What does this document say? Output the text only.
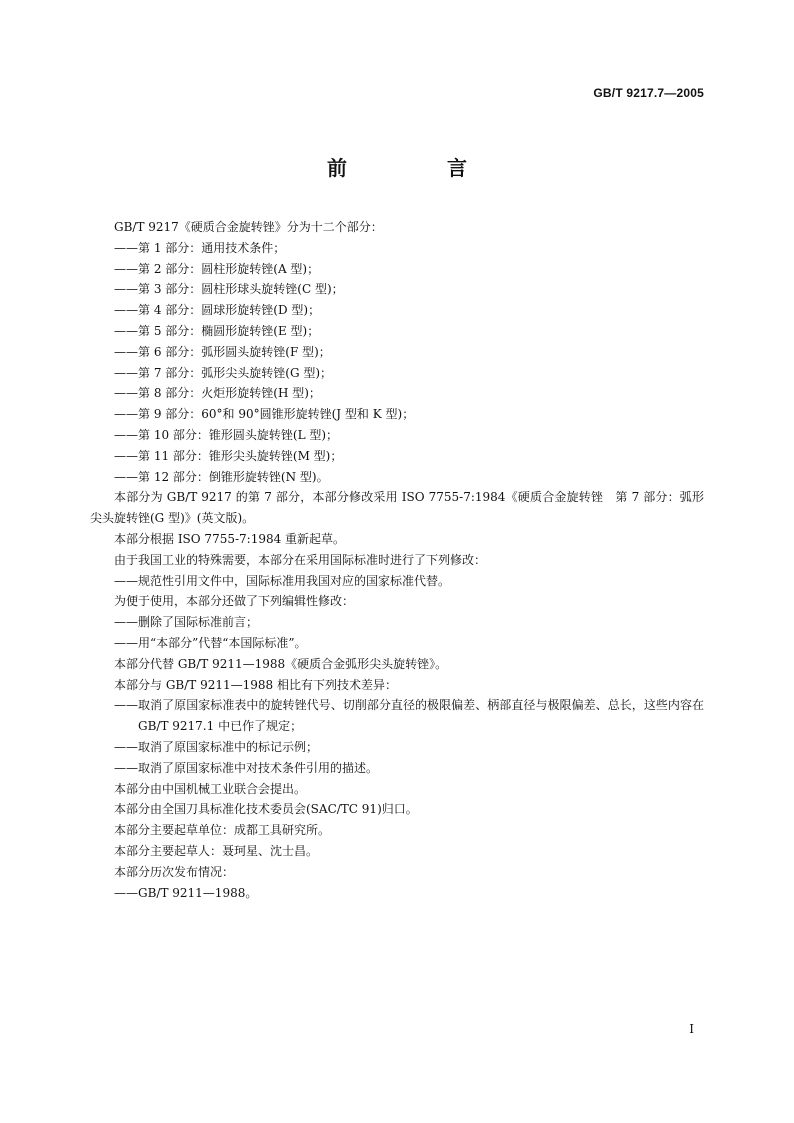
GB/T 9217.7—2005
前　言

GB/T 9217《硬质合金旋转锉》分为十二个部分：

——第 1 部分：通用技术条件；

——第 2 部分：圆柱形旋转锉(A 型)；

——第 3 部分：圆柱形球头旋转锉(C 型)；

——第 4 部分：圆球形旋转锉(D 型)；

——第 5 部分：椭圆形旋转锉(E 型)；

——第 6 部分：弧形圆头旋转锉(F 型)；

——第 7 部分：弧形尖头旋转锉(G 型)；

——第 8 部分：火炬形旋转锉(H 型)；

——第 9 部分：60°和 90°圆锥形旋转锉(J 型和 K 型)；

——第 10 部分：锥形圆头旋转锉(L 型)；

——第 11 部分：锥形尖头旋转锉(M 型)；

——第 12 部分：倒锥形旋转锉(N 型)。

本部分为 GB/T 9217 的第 7 部分，本部分修改采用 ISO 7755-7:1984《硬质合金旋转锉　第 7 部分：弧形尖头旋转锉(G 型)》(英文版)。

本部分根据 ISO 7755-7:1984 重新起草。

由于我国工业的特殊需要，本部分在采用国际标准时进行了下列修改：

——规范性引用文件中，国际标准用我国对应的国家标准代替。

为便于使用，本部分还做了下列编辑性修改：

——删除了国际标准前言；

——用“本部分”代替“本国际标准”。

本部分代替 GB/T 9211—1988《硬质合金弧形尖头旋转锉》。

本部分与 GB/T 9211—1988 相比有下列技术差异：

——取消了原国家标准表中的旋转锉代号、切削部分直径的极限偏差、柄部直径与极限偏差、总长，这些内容在 GB/T 9217.1 中已作了规定；

——取消了原国家标准中的标记示例；

——取消了原国家标准中对技术条件引用的描述。

本部分由中国机械工业联合会提出。

本部分由全国刀具标准化技术委员会(SAC/TC 91)归口。

本部分主要起草单位：成都工具研究所。

本部分主要起草人：聂珂星、沈士昌。

本部分历次发布情况：

——GB/T 9211—1988。

I
